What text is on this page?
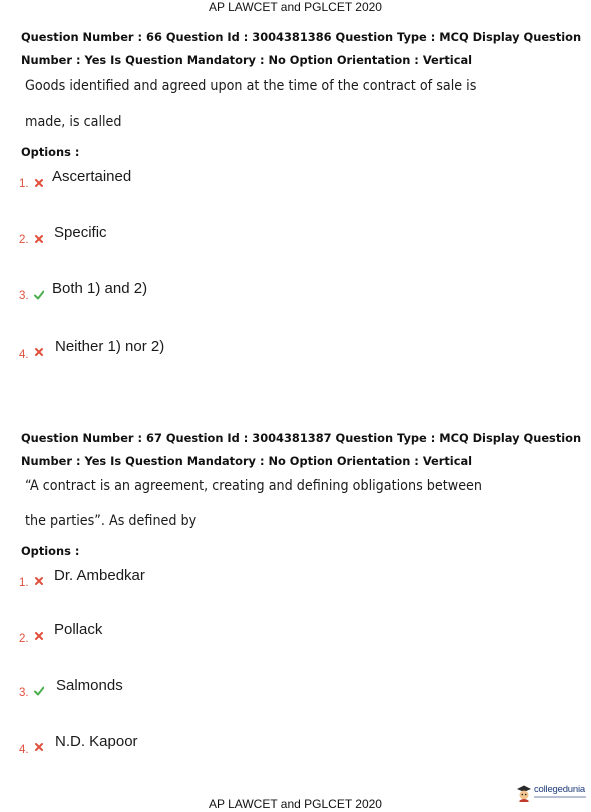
AP LAWCET and PGLCET 2020
Question Number : 66 Question Id : 3004381386 Question Type : MCQ Display Question
Number : Yes Is Question Mandatory : No Option Orientation : Vertical
Goods identified and agreed upon at the time of the contract of sale is
made, is called
Options :
1. Ascertained
2. Specific
3. Both 1) and 2)
4. Neither 1) nor 2)
Question Number : 67 Question Id : 3004381387 Question Type : MCQ Display Question
Number : Yes Is Question Mandatory : No Option Orientation : Vertical
“A contract is an agreement, creating and defining obligations between
the parties”. As defined by
Options :
1. Dr. Ambedkar
2.
Pollack
3. Salmonds
4. N.D. Kapoor
collegedunia
AP LAWCET and PGLCET 2020
